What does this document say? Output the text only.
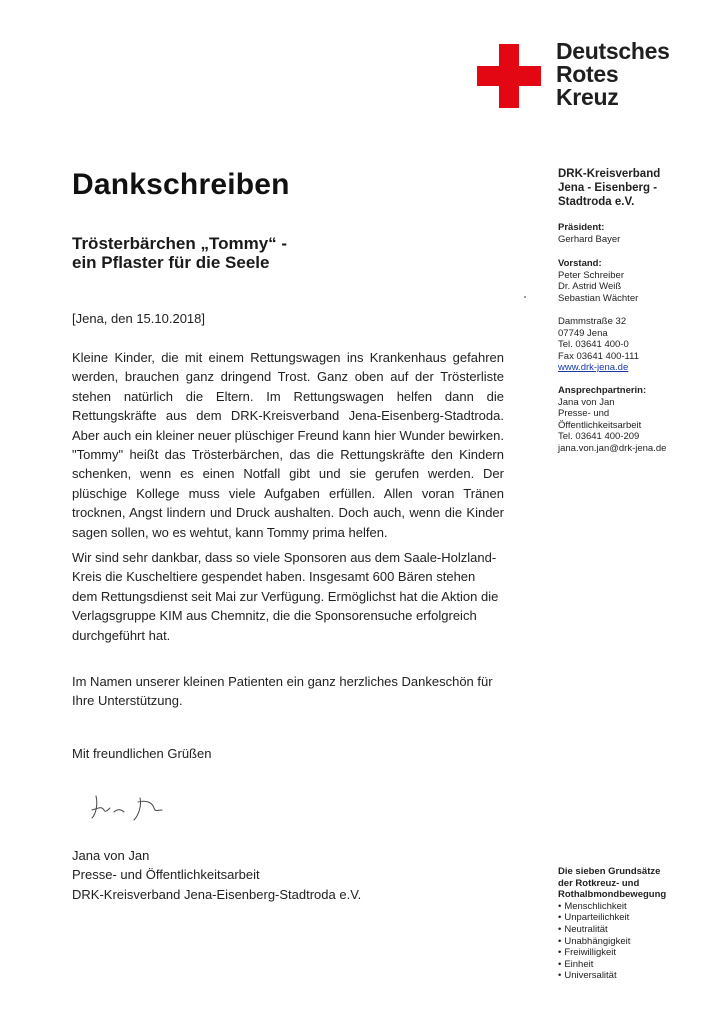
Deutsches
Rotes
Kreuz
Dankschreiben
Trösterbärchen „Tommy“ -
ein Pflaster für die Seele
[Jena, den 15.10.2018]
Kleine Kinder, die mit einem Rettungswagen ins Krankenhaus gefahren werden, brauchen ganz dringend Trost. Ganz oben auf der Trösterliste stehen natürlich die Eltern. Im Rettungswagen helfen dann die Rettungskräfte aus dem DRK-Kreisverband Jena-Eisenberg-Stadtroda. Aber auch ein kleiner neuer plüschiger Freund kann hier Wunder bewirken. "Tommy" heißt das Trösterbärchen, das die Rettungskräfte den Kindern schenken, wenn es einen Notfall gibt und sie gerufen werden. Der plüschige Kollege muss viele Aufgaben erfüllen. Allen voran Tränen trocknen, Angst lindern und Druck aushalten. Doch auch, wenn die Kinder sagen sollen, wo es wehtut, kann Tommy prima helfen.
Wir sind sehr dankbar, dass so viele Sponsoren aus dem Saale-Holzland-Kreis die Kuscheltiere gespendet haben. Insgesamt 600 Bären stehen dem Rettungsdienst seit Mai zur Verfügung. Ermöglichst hat die Aktion die Verlagsgruppe KIM aus Chemnitz, die die Sponsorensuche erfolgreich durchgeführt hat.
Im Namen unserer kleinen Patienten ein ganz herzliches Dankeschön für Ihre Unterstützung.
Mit freundlichen Grüßen
Jana von Jan
Presse- und Öffentlichkeitsarbeit
DRK-Kreisverband Jena-Eisenberg-Stadtroda e.V.
DRK-Kreisverband
Jena - Eisenberg -
Stadtroda e.V.
Präsident:
Gerhard Bayer
Vorstand:
Peter Schreiber
Dr. Astrid Weiß
Sebastian Wächter
Dammstraße 32
07749 Jena
Tel. 03641 400-0
Fax 03641 400-111
www.drk-jena.de
Ansprechpartnerin:
Jana von Jan
Presse- und
Öffentlichkeitsarbeit
Tel. 03641 400-209
jana.von.jan@drk-jena.de
Die sieben Grundsätze
der Rotkreuz- und
Rothalbmondbewegung
• Menschlichkeit
• Unparteilichkeit
• Neutralität
• Unabhängigkeit
• Freiwilligkeit
• Einheit
• Universalität
